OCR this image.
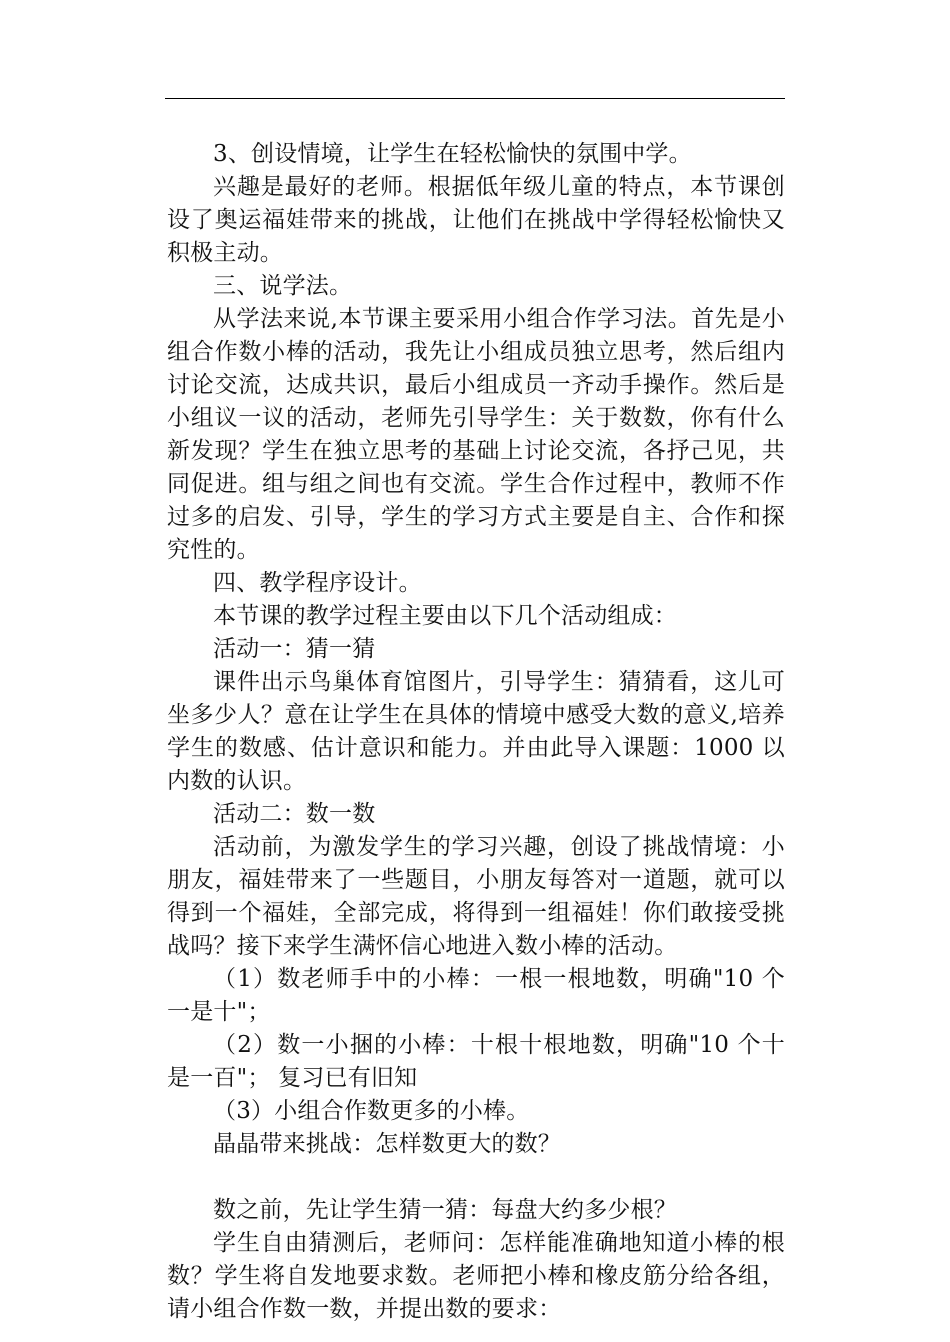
3、创设情境，让学生在轻松愉快的氛围中学。

兴趣是最好的老师。根据低年级儿童的特点，本节课创设了奥运福娃带来的挑战，让他们在挑战中学得轻松愉快又积极主动。

三、说学法。

从学法来说,本节课主要采用小组合作学习法。首先是小组合作数小棒的活动，我先让小组成员独立思考，然后组内讨论交流，达成共识，最后小组成员一齐动手操作。然后是小组议一议的活动，老师先引导学生：关于数数，你有什么新发现？学生在独立思考的基础上讨论交流，各抒己见，共同促进。组与组之间也有交流。学生合作过程中，教师不作过多的启发、引导，学生的学习方式主要是自主、合作和探究性的。

四、教学程序设计。

本节课的教学过程主要由以下几个活动组成：

活动一：猜一猜

课件出示鸟巢体育馆图片，引导学生：猜猜看，这儿可坐多少人？意在让学生在具体的情境中感受大数的意义,培养学生的数感、估计意识和能力。并由此导入课题：1000 以内数的认识。

活动二：数一数

活动前，为激发学生的学习兴趣，创设了挑战情境：小朋友，福娃带来了一些题目，小朋友每答对一道题，就可以得到一个福娃，全部完成，将得到一组福娃！你们敢接受挑战吗？接下来学生满怀信心地进入数小棒的活动。

（1）数老师手中的小棒：一根一根地数，明确"10 个一是十"；

（2）数一小捆的小棒：十根十根地数，明确"10 个十是一百"； 复习已有旧知

（3）小组合作数更多的小棒。

晶晶带来挑战：怎样数更大的数？

数之前，先让学生猜一猜：每盘大约多少根？

学生自由猜测后，老师问：怎样能准确地知道小棒的根数？学生将自发地要求数。老师把小棒和橡皮筋分给各组，请小组合作数一数，并提出数的要求：
